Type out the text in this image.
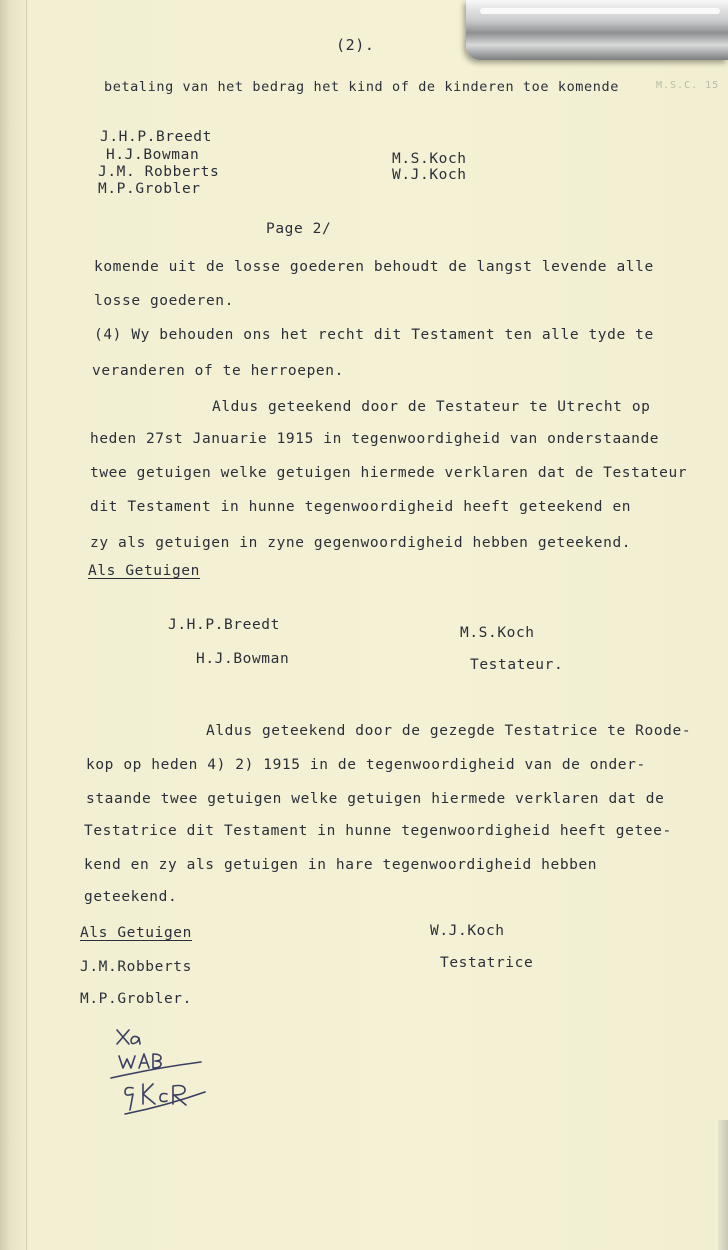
M.S.C. 15
(2).
betaling van het bedrag het kind of de kinderen toe komende
J.H.P.Breedt
H.J.Bowman
J.M. Robberts
M.P.Grobler
M.S.Koch
W.J.Koch
Page 2/
komende uit de losse goederen behoudt de langst levende alle
losse goederen.
(4) Wy behouden ons het recht dit Testament ten alle tyde te
veranderen of te herroepen.
Aldus geteekend door de Testateur te Utrecht op
heden 27st Januarie 1915 in tegenwoordigheid van onderstaande
twee getuigen welke getuigen hiermede verklaren dat de Testateur
dit Testament in hunne tegenwoordigheid heeft geteekend en
zy als getuigen in zyne gegenwoordigheid hebben geteekend.
Als Getuigen
J.H.P.Breedt
H.J.Bowman
M.S.Koch
Testateur.
Aldus geteekend door de gezegde Testatrice te Roode-
kop op heden 4) 2) 1915 in de tegenwoordigheid van de onder-
staande twee getuigen welke getuigen hiermede verklaren dat de
Testatrice dit Testament in hunne tegenwoordigheid heeft getee-
kend en zy als getuigen in hare tegenwoordigheid hebben
geteekend.
Als Getuigen
J.M.Robberts
M.P.Grobler.
W.J.Koch
Testatrice
